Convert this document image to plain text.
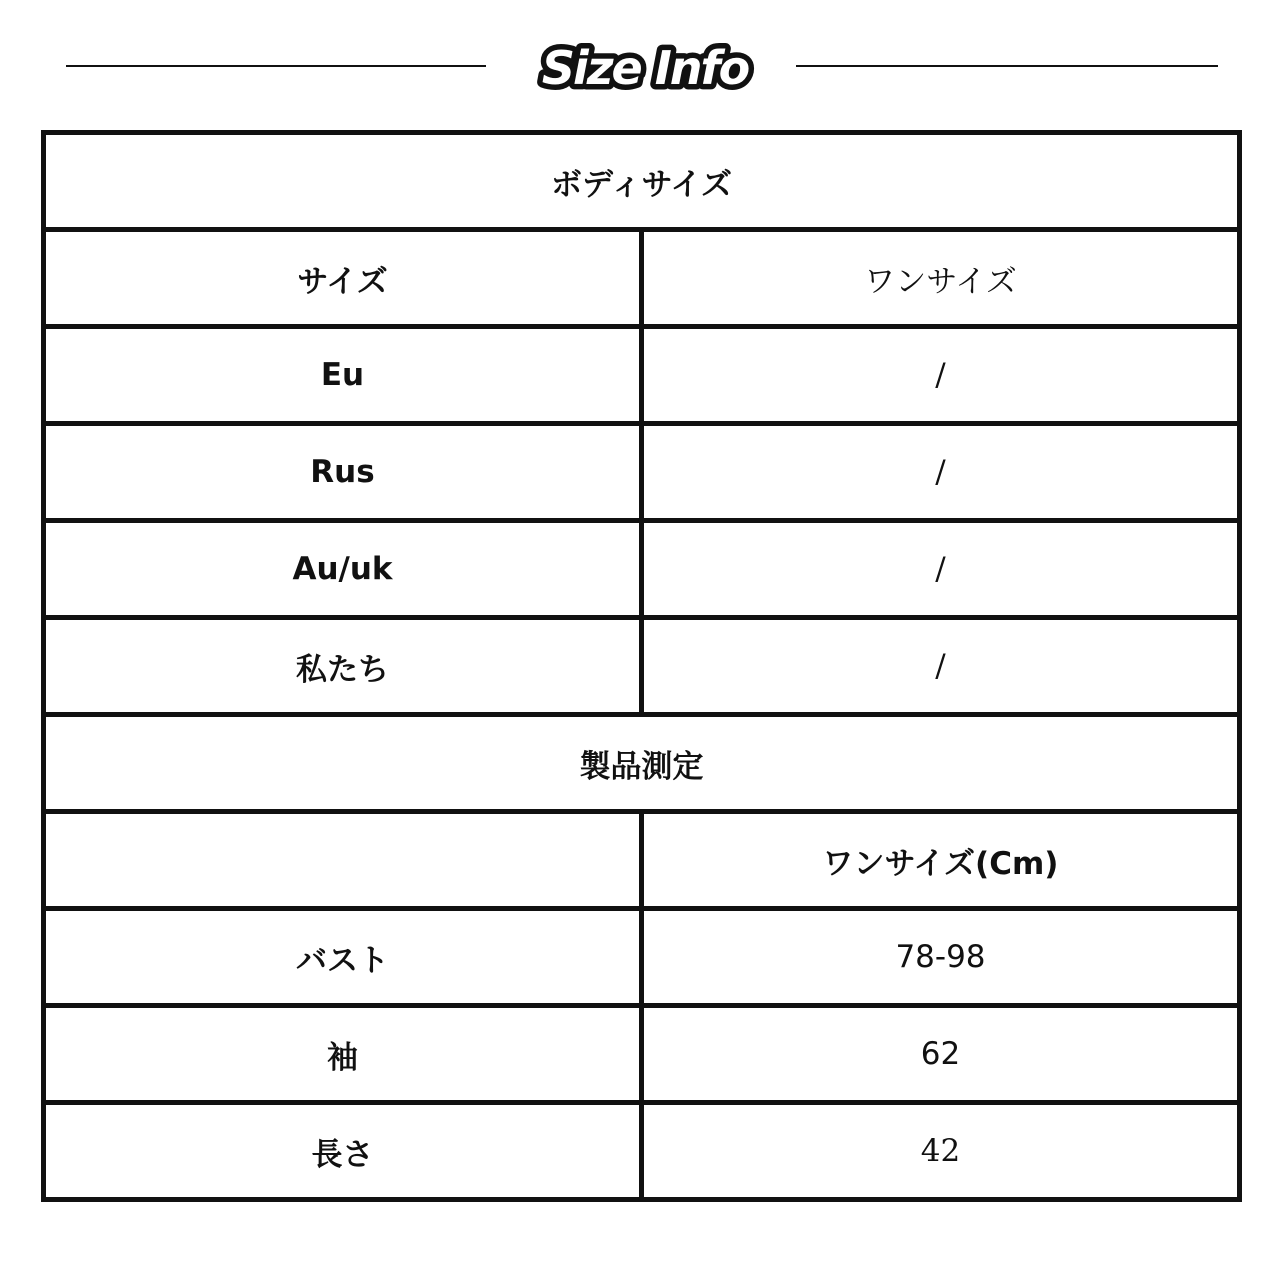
Size Info
ボディサイズ	
サイズ	ワンサイズ
Eu	/
Rus	/
Au/uk	/
私たち	/
製品測定	
	ワンサイズ(Cm)
バスト	78-98
袖	62
長さ	42
